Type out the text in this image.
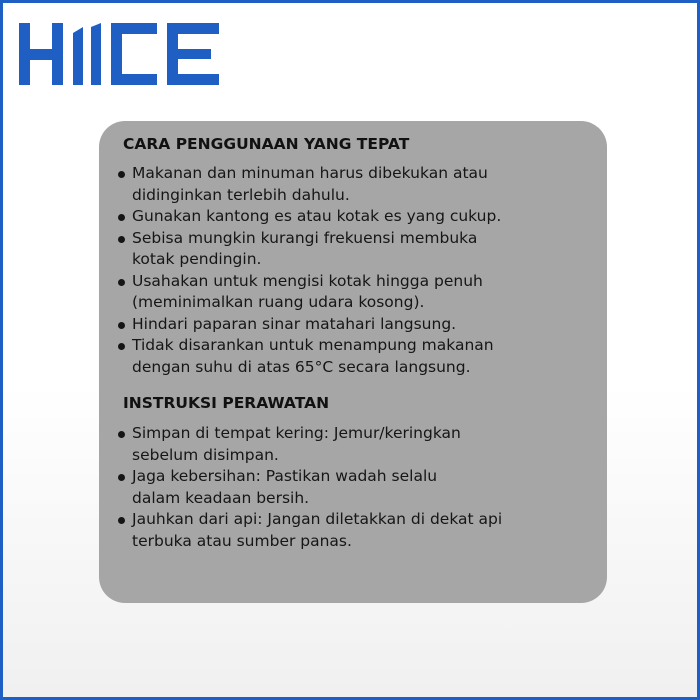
CARA PENGGUNAAN YANG TEPAT
Makanan dan minuman harus dibekukan atau
didinginkan terlebih dahulu.
Gunakan kantong es atau kotak es yang cukup.
Sebisa mungkin kurangi frekuensi membuka
kotak pendingin.
Usahakan untuk mengisi kotak hingga penuh
(meminimalkan ruang udara kosong).
Hindari paparan sinar matahari langsung.
Tidak disarankan untuk menampung makanan
dengan suhu di atas 65°C secara langsung.
INSTRUKSI PERAWATAN
Simpan di tempat kering: Jemur/keringkan
sebelum disimpan.
Jaga kebersihan: Pastikan wadah selalu
dalam keadaan bersih.
Jauhkan dari api: Jangan diletakkan di dekat api
terbuka atau sumber panas.
